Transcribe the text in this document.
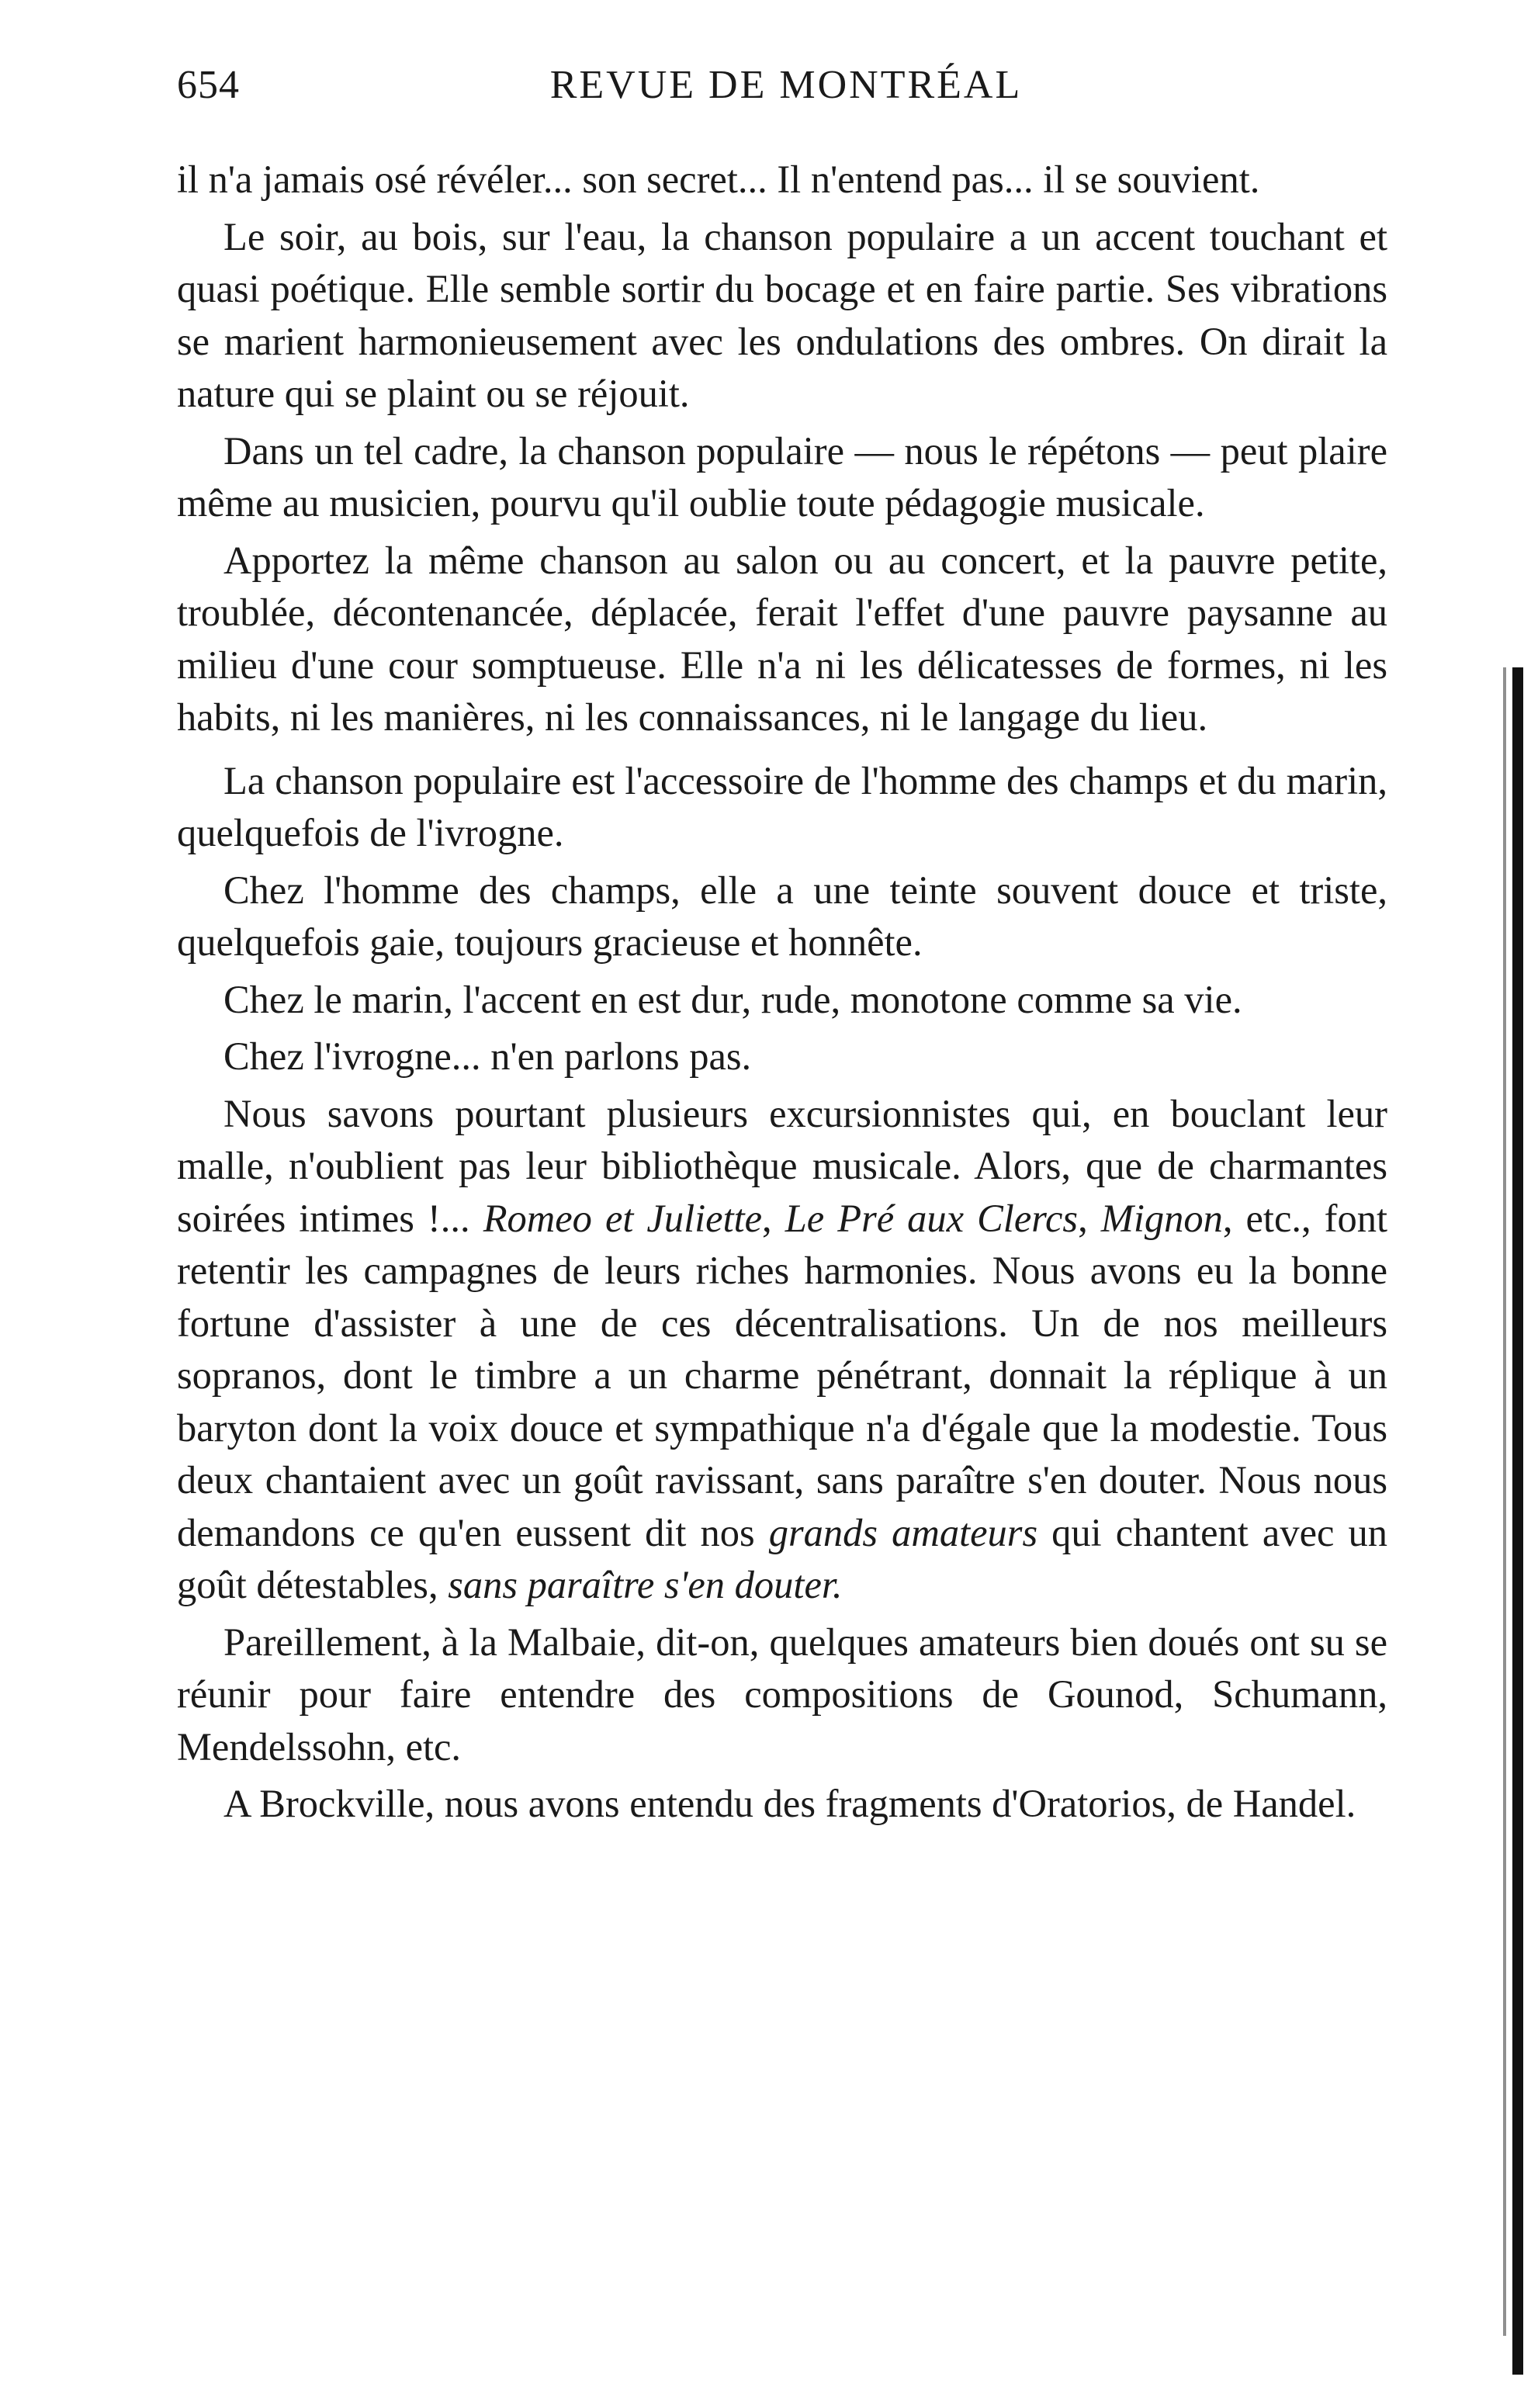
654	REVUE DE MONTRÉAL

il n'a jamais osé révéler... son secret... Il n'entend pas... il se souvient.

Le soir, au bois, sur l'eau, la chanson populaire a un accent touchant et quasi poétique. Elle semble sortir du bocage et en faire partie. Ses vibrations se marient harmonieusement avec les ondulations des ombres. On dirait la nature qui se plaint ou se réjouit.

Dans un tel cadre, la chanson populaire — nous le répétons — peut plaire même au musicien, pourvu qu'il oublie toute pédagogie musicale.

Apportez la même chanson au salon ou au concert, et la pauvre petite, troublée, décontenancée, déplacée, ferait l'effet d'une pauvre paysanne au milieu d'une cour somptueuse. Elle n'a ni les délicatesses de formes, ni les habits, ni les manières, ni les connaissances, ni le langage du lieu.

La chanson populaire est l'accessoire de l'homme des champs et du marin, quelquefois de l'ivrogne.

Chez l'homme des champs, elle a une teinte souvent douce et triste, quelquefois gaie, toujours gracieuse et honnête.

Chez le marin, l'accent en est dur, rude, monotone comme sa vie.

Chez l'ivrogne... n'en parlons pas.

Nous savons pourtant plusieurs excursionnistes qui, en bouclant leur malle, n'oublient pas leur bibliothèque musicale. Alors, que de charmantes soirées intimes !... Romeo et Juliette, Le Pré aux Clercs, Mignon, etc., font retentir les campagnes de leurs riches harmonies. Nous avons eu la bonne fortune d'assister à une de ces décentralisations. Un de nos meilleurs sopranos, dont le timbre a un charme pénétrant, donnait la réplique à un baryton dont la voix douce et sympathique n'a d'égale que la modestie. Tous deux chantaient avec un goût ravissant, sans paraître s'en douter. Nous nous demandons ce qu'en eussent dit nos grands amateurs qui chantent avec un goût détestables, sans paraître s'en douter.

Pareillement, à la Malbaie, dit-on, quelques amateurs bien doués ont su se réunir pour faire entendre des compositions de Gounod, Schumann, Mendelssohn, etc.

A Brockville, nous avons entendu des fragments d'Oratorios, de Handel.
